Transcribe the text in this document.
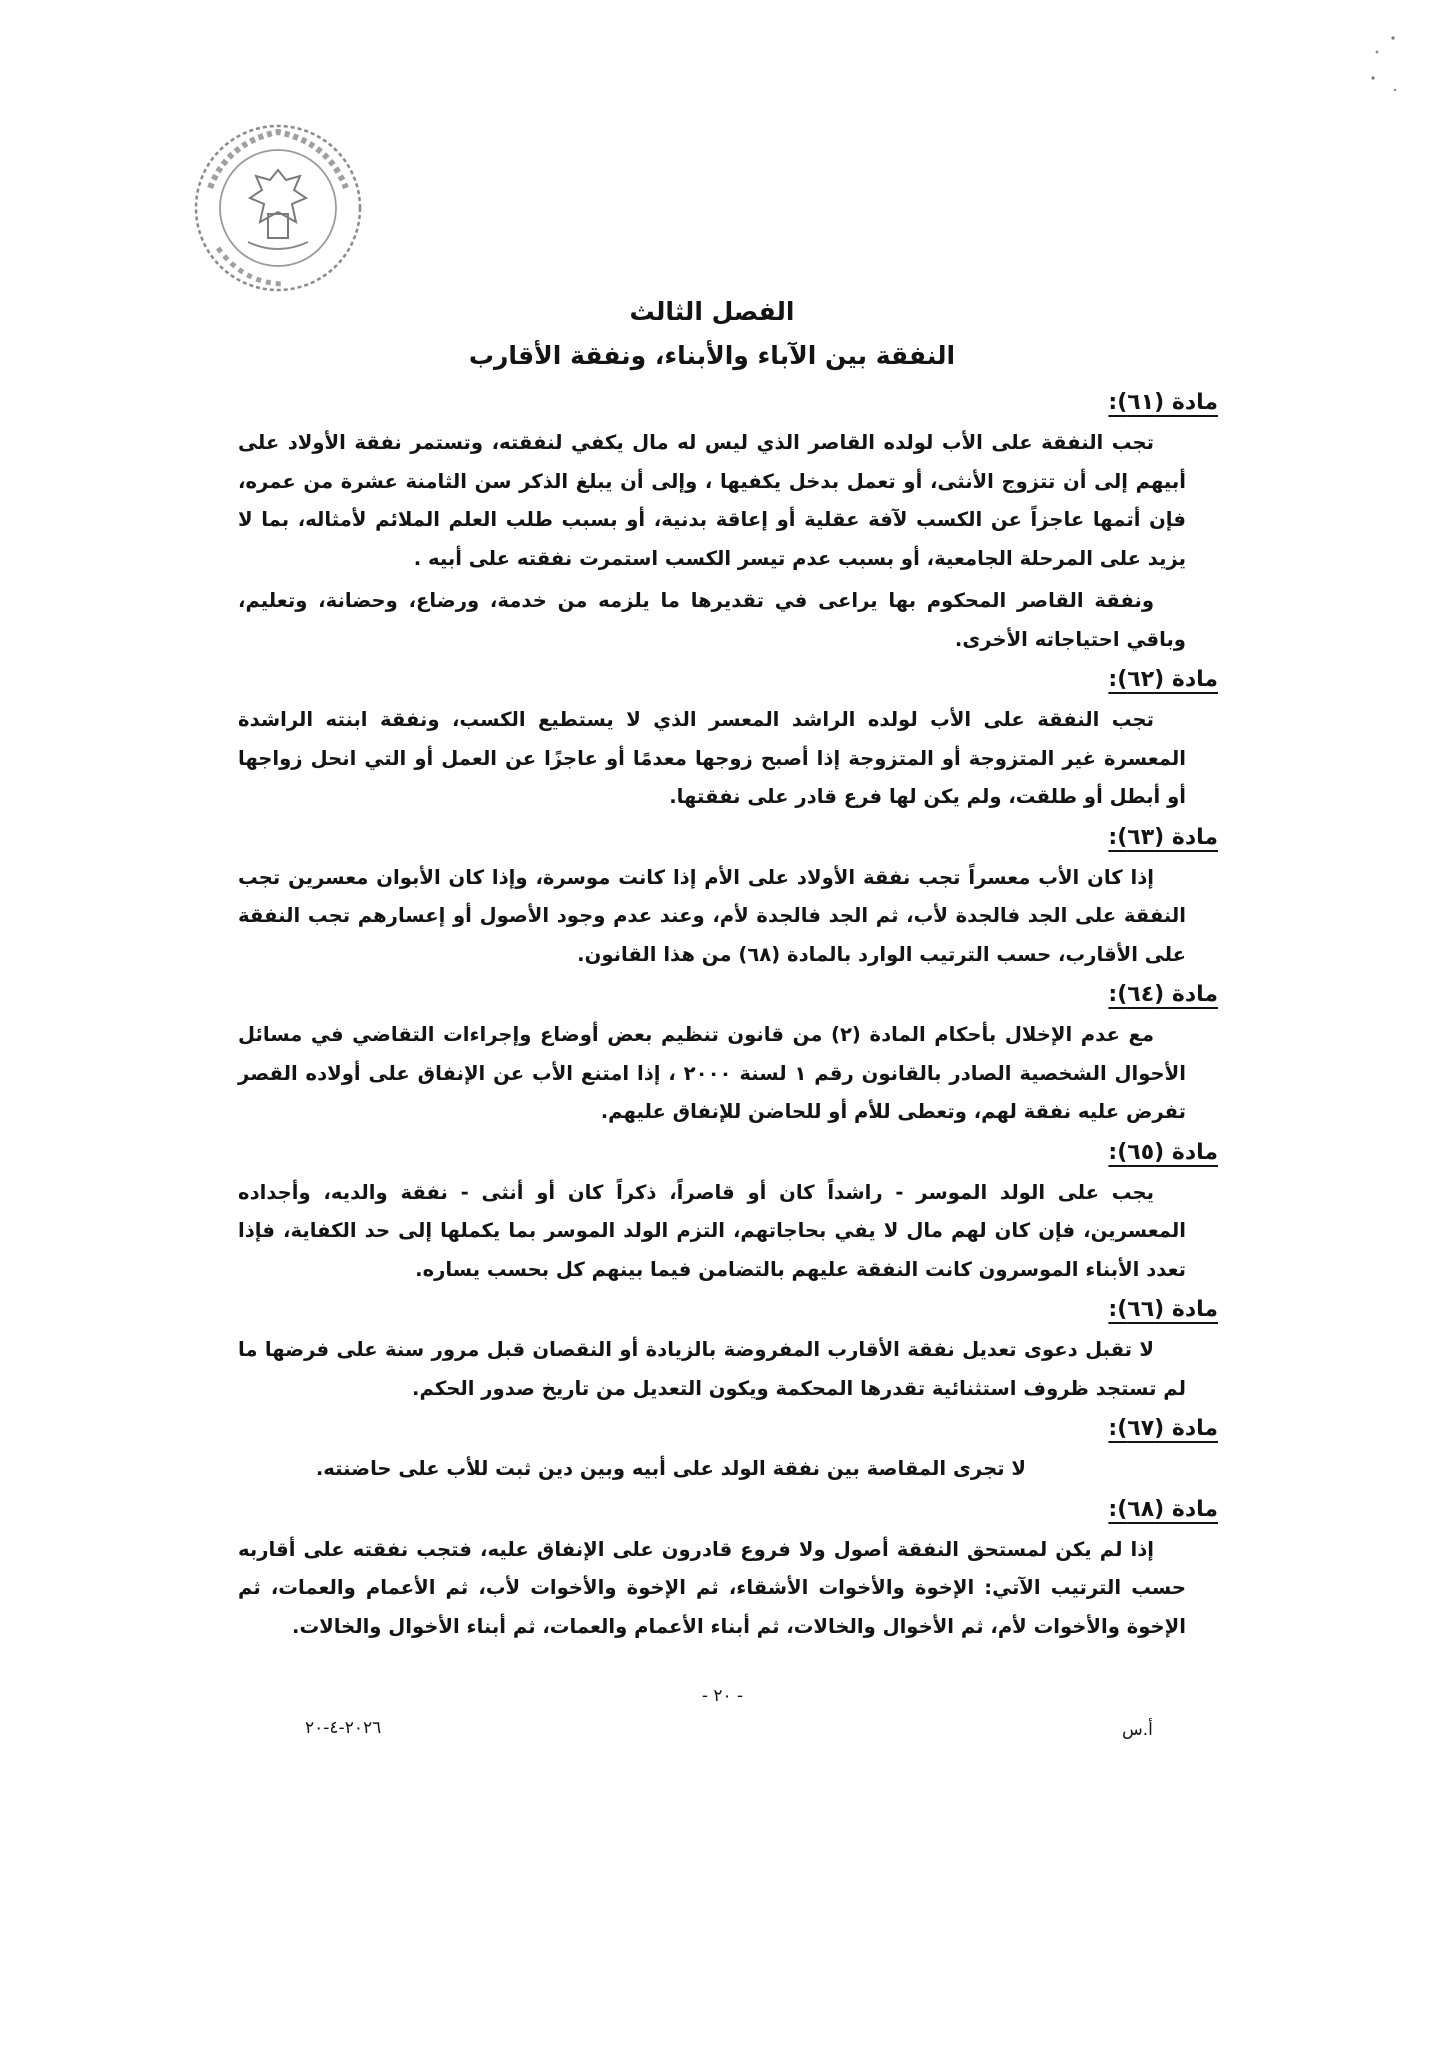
الفصل الثالث
النفقة بين الآباء والأبناء، ونفقة الأقارب
مادة (٦١):

تجب النفقة على الأب لولده القاصر الذي ليس له مال يكفي لنفقته، وتستمر نفقة الأولاد على أبيهم إلى أن تتزوج الأنثى، أو تعمل بدخل يكفيها ، وإلى أن يبلغ الذكر سن الثامنة عشرة من عمره، فإن أتمها عاجزاً عن الكسب لآفة عقلية أو إعاقة بدنية، أو بسبب طلب العلم الملائم لأمثاله، بما لا يزيد على المرحلة الجامعية، أو بسبب عدم تيسر الكسب استمرت نفقته على أبيه .

ونفقة القاصر المحكوم بها يراعى في تقديرها ما يلزمه من خدمة، ورضاع، وحضانة، وتعليم، وباقي احتياجاته الأخرى.

مادة (٦٢):

تجب النفقة على الأب لولده الراشد المعسر الذي لا يستطيع الكسب، ونفقة ابنته الراشدة المعسرة غير المتزوجة أو المتزوجة إذا أصبح زوجها معدمًا أو عاجزًا عن العمل أو التي انحل زواجها أو أبطل أو طلقت، ولم يكن لها فرع قادر على نفقتها.

مادة (٦٣):

إذا كان الأب معسراً تجب نفقة الأولاد على الأم إذا كانت موسرة، وإذا كان الأبوان معسرين تجب النفقة على الجد فالجدة لأب، ثم الجد فالجدة لأم، وعند عدم وجود الأصول أو إعسارهم تجب النفقة على الأقارب، حسب الترتيب الوارد بالمادة (٦٨) من هذا القانون.

مادة (٦٤):

مع عدم الإخلال بأحكام المادة (٢) من قانون تنظيم بعض أوضاع وإجراءات التقاضي في مسائل الأحوال الشخصية الصادر بالقانون رقم ١ لسنة ٢٠٠٠ ، إذا امتنع الأب عن الإنفاق على أولاده القصر تفرض عليه نفقة لهم، وتعطى للأم أو للحاضن للإنفاق عليهم.

مادة (٦٥):

يجب على الولد الموسر - راشداً كان أو قاصراً، ذكراً كان أو أنثى - نفقة والديه، وأجداده المعسرين، فإن كان لهم مال لا يفي بحاجاتهم، التزم الولد الموسر بما يكملها إلى حد الكفاية، فإذا تعدد الأبناء الموسرون كانت النفقة عليهم بالتضامن فيما بينهم كل بحسب يساره.

مادة (٦٦):

لا تقبل دعوى تعديل نفقة الأقارب المفروضة بالزيادة أو النقصان قبل مرور سنة على فرضها ما لم تستجد ظروف استثنائية تقدرها المحكمة ويكون التعديل من تاريخ صدور الحكم.

مادة (٦٧):

لا تجرى المقاصة بين نفقة الولد على أبيه وبين دين ثبت للأب على حاضنته.

مادة (٦٨):

إذا لم يكن لمستحق النفقة أصول ولا فروع قادرون على الإنفاق عليه، فتجب نفقته على أقاربه حسب الترتيب الآتي: الإخوة والأخوات الأشقاء، ثم الإخوة والأخوات لأب، ثم الأعمام والعمات، ثم الإخوة والأخوات لأم، ثم الأخوال والخالات، ثم أبناء الأعمام والعمات، ثم أبناء الأخوال والخالات.

- ٢٠ -
٢٠٢٦-٤-٢٠	أ.س
